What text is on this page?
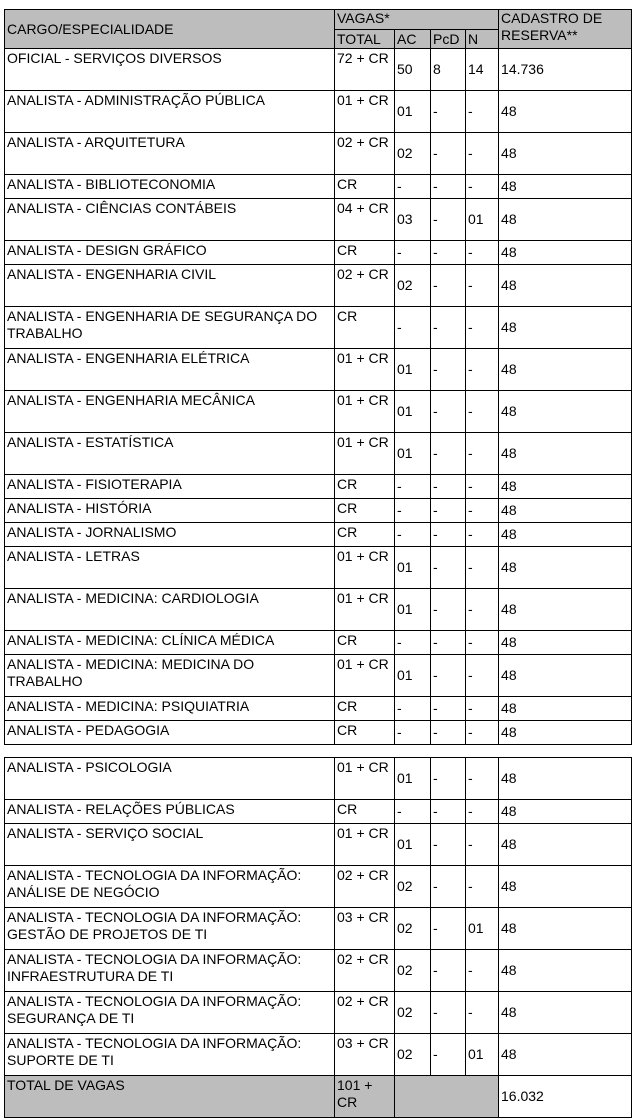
CARGO/ESPECIALIDADE	VAGAS*				CADASTRO DE RESERVA**
	TOTAL	AC	PcD	N	
OFICIAL - SERVIÇOS DIVERSOS	72 + CR	50	8	14	14.736
ANALISTA - ADMINISTRAÇÃO PÚBLICA	01 + CR	01	-	-	48
ANALISTA - ARQUITETURA	02 + CR	02	-	-	48
ANALISTA - BIBLIOTECONOMIA	CR	-	-	-	48
ANALISTA - CIÊNCIAS CONTÁBEIS	04 + CR	03	-	01	48
ANALISTA - DESIGN GRÁFICO	CR	-	-	-	48
ANALISTA - ENGENHARIA CIVIL	02 + CR	02	-	-	48
ANALISTA - ENGENHARIA DE SEGURANÇA DO TRABALHO	CR	-	-	-	48
ANALISTA - ENGENHARIA ELÉTRICA	01 + CR	01	-	-	48
ANALISTA - ENGENHARIA MECÂNICA	01 + CR	01	-	-	48
ANALISTA - ESTATÍSTICA	01 + CR	01	-	-	48
ANALISTA - FISIOTERAPIA	CR	-	-	-	48
ANALISTA - HISTÓRIA	CR	-	-	-	48
ANALISTA - JORNALISMO	CR	-	-	-	48
ANALISTA - LETRAS	01 + CR	01	-	-	48
ANALISTA - MEDICINA: CARDIOLOGIA	01 + CR	01	-	-	48
ANALISTA - MEDICINA: CLÍNICA MÉDICA	CR	-	-	-	48
ANALISTA - MEDICINA: MEDICINA DO TRABALHO	01 + CR	01	-	-	48
ANALISTA - MEDICINA: PSIQUIATRIA	CR	-	-	-	48
ANALISTA - PEDAGOGIA	CR	-	-	-	48
ANALISTA - PSICOLOGIA	01 + CR	01	-	-	48
ANALISTA - RELAÇÕES PÚBLICAS	CR	-	-	-	48
ANALISTA - SERVIÇO SOCIAL	01 + CR	01	-	-	48
ANALISTA - TECNOLOGIA DA INFORMAÇÃO: ANÁLISE DE NEGÓCIO	02 + CR	02	-	-	48
ANALISTA - TECNOLOGIA DA INFORMAÇÃO: GESTÃO DE PROJETOS DE TI	03 + CR	02	-	01	48
ANALISTA - TECNOLOGIA DA INFORMAÇÃO: INFRAESTRUTURA DE TI	02 + CR	02	-	-	48
ANALISTA - TECNOLOGIA DA INFORMAÇÃO: SEGURANÇA DE TI	02 + CR	02	-	-	48
ANALISTA - TECNOLOGIA DA INFORMAÇÃO: SUPORTE DE TI	03 + CR	02	-	01	48
TOTAL DE VAGAS	101 + CR				16.032
